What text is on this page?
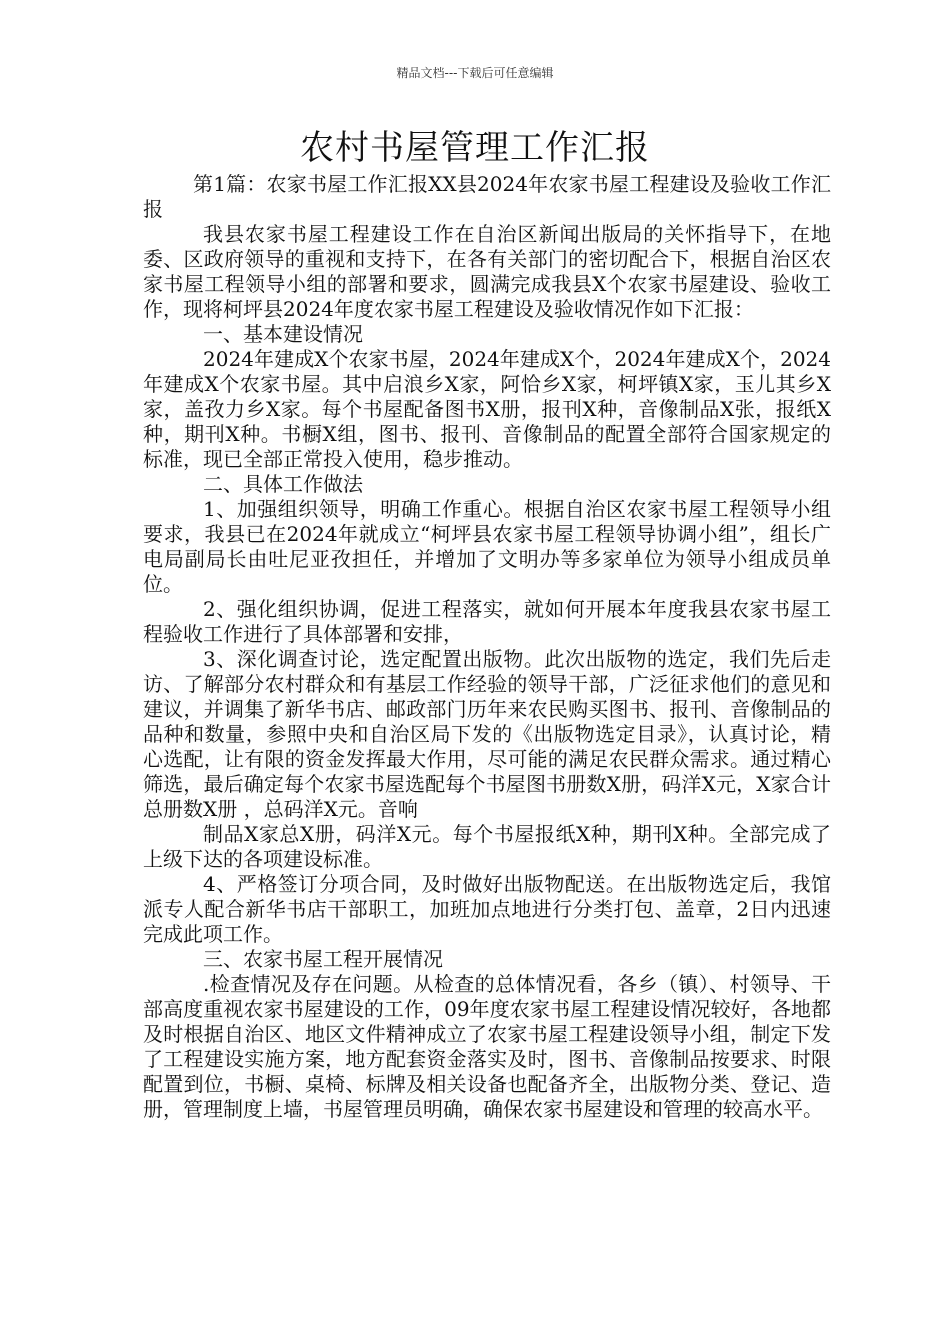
精品文档---下载后可任意编辑
农村书屋管理工作汇报

第1篇：农家书屋工作汇报XX县2024年农家书屋工程建设及验收工作汇报

我县农家书屋工程建设工作在自治区新闻出版局的关怀指导下，在地委、区政府领导的重视和支持下，在各有关部门的密切配合下，根据自治区农家书屋工程领导小组的部署和要求，圆满完成我县X个农家书屋建设、验收工作，现将柯坪县2024年度农家书屋工程建设及验收情况作如下汇报：

一、基本建设情况

2024年建成X个农家书屋，2024年建成X个，2024年建成X个，2024年建成X个农家书屋。其中启浪乡X家，阿恰乡X家，柯坪镇X家，玉儿其乡X家，盖孜力乡X家。每个书屋配备图书X册，报刊X种，音像制品X张，报纸X种，期刊X种。书橱X组，图书、报刊、音像制品的配置全部符合国家规定的标准，现已全部正常投入使用，稳步推动。

二、具体工作做法

1、加强组织领导，明确工作重心。根据自治区农家书屋工程领导小组要求，我县已在2024年就成立“柯坪县农家书屋工程领导协调小组”，组长广电局副局长由吐尼亚孜担任，并增加了文明办等多家单位为领导小组成员单位。

2、强化组织协调，促进工程落实，就如何开展本年度我县农家书屋工程验收工作进行了具体部署和安排，

3、深化调查讨论，选定配置出版物。此次出版物的选定，我们先后走访、了解部分农村群众和有基层工作经验的领导干部，广泛征求他们的意见和建议，并调集了新华书店、邮政部门历年来农民购买图书、报刊、音像制品的品种和数量，参照中央和自治区局下发的《出版物选定目录》，认真讨论，精心选配，让有限的资金发挥最大作用，尽可能的满足农民群众需求。通过精心筛选，最后确定每个农家书屋选配每个书屋图书册数X册，码洋X元，X家合计总册数X册 ，总码洋X元。音响

制品X家总X册，码洋X元。每个书屋报纸X种，期刊X种。全部完成了上级下达的各项建设标准。

4、严格签订分项合同，及时做好出版物配送。在出版物选定后，我馆派专人配合新华书店干部职工，加班加点地进行分类打包、盖章，2日内迅速完成此项工作。

三、农家书屋工程开展情况

.检查情况及存在问题。从检查的总体情况看，各乡（镇）、村领导、干部高度重视农家书屋建设的工作，09年度农家书屋工程建设情况较好，各地都及时根据自治区、地区文件精神成立了农家书屋工程建设领导小组，制定下发了工程建设实施方案，地方配套资金落实及时，图书、音像制品按要求、时限配置到位，书橱、桌椅、标牌及相关设备也配备齐全，出版物分类、登记、造册，管理制度上墙，书屋管理员明确，确保农家书屋建设和管理的较高水平。
